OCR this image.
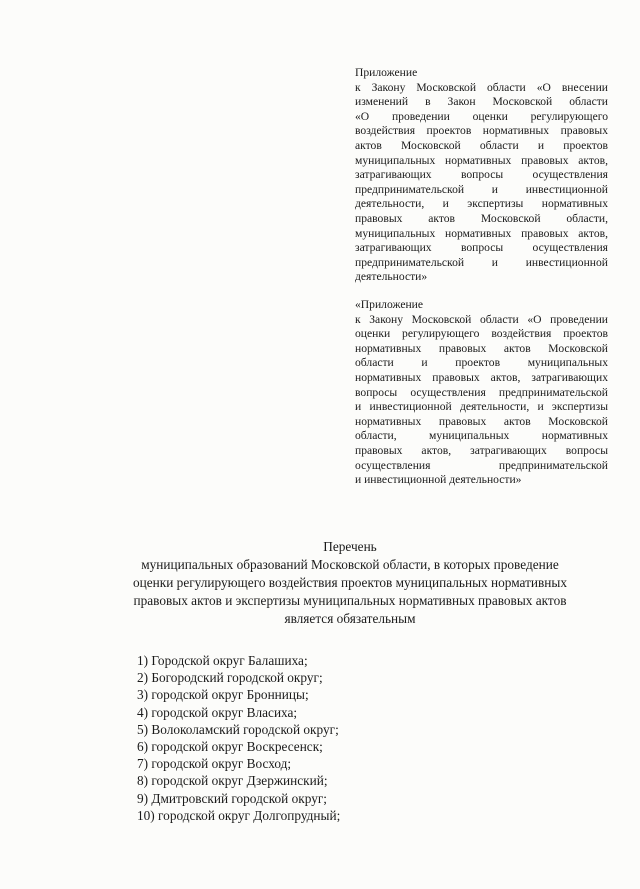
Приложение
к Закону Московской области «О внесении
изменений в Закон Московской области
«О проведении оценки регулирующего
воздействия проектов нормативных правовых
актов Московской области и проектов
муниципальных нормативных правовых актов,
затрагивающих вопросы осуществления
предпринимательской и инвестиционной
деятельности, и экспертизы нормативных
правовых актов Московской области,
муниципальных нормативных правовых актов,
затрагивающих вопросы осуществления
предпринимательской и инвестиционной
деятельности»
«Приложение
к Закону Московской области «О проведении
оценки регулирующего воздействия проектов
нормативных правовых актов Московской
области и проектов муниципальных
нормативных правовых актов, затрагивающих
вопросы осуществления предпринимательской
и инвестиционной деятельности, и экспертизы
нормативных правовых актов Московской
области, муниципальных нормативных
правовых актов, затрагивающих вопросы
осуществления предпринимательской
и инвестиционной деятельности»
Перечень
муниципальных образований Московской области, в которых проведение
оценки регулирующего воздействия проектов муниципальных нормативных
правовых актов и экспертизы муниципальных нормативных правовых актов
является обязательным
1) Городской округ Балашиха;
2) Богородский городской округ;
3) городской округ Бронницы;
4) городской округ Власиха;
5) Волоколамский городской округ;
6) городской округ Воскресенск;
7) городской округ Восход;
8) городской округ Дзержинский;
9) Дмитровский городской округ;
10) городской округ Долгопрудный;
